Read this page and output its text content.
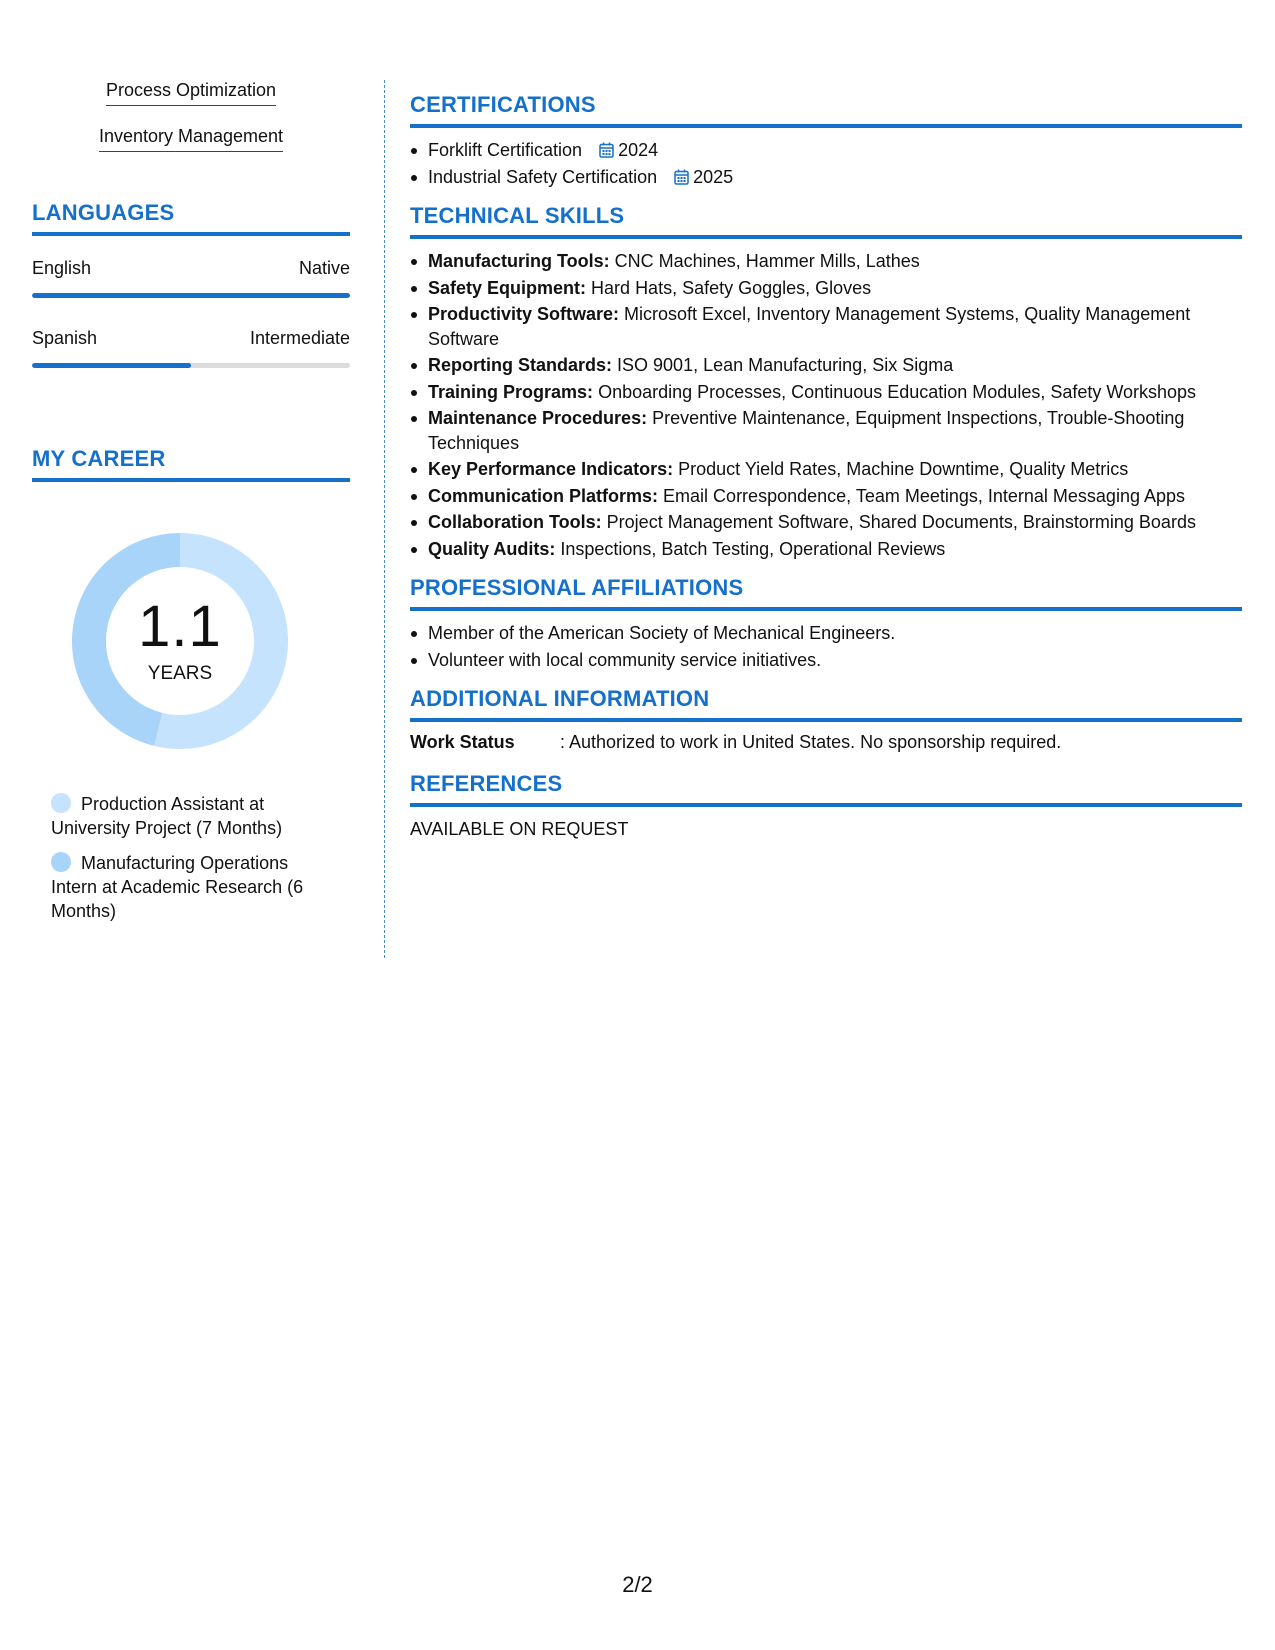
Process Optimization
Inventory Management
LANGUAGES
English	Native
Spanish	Intermediate
MY CAREER
1.1
YEARS
Production Assistant at University Project (7 Months)
Manufacturing Operations Intern at Academic Research (6 Months)
CERTIFICATIONS
Forklift Certification 2024
Industrial Safety Certification 2025
TECHNICAL SKILLS
Manufacturing Tools: CNC Machines, Hammer Mills, Lathes
Safety Equipment: Hard Hats, Safety Goggles, Gloves
Productivity Software: Microsoft Excel, Inventory Management Systems, Quality Management Software
Reporting Standards: ISO 9001, Lean Manufacturing, Six Sigma
Training Programs: Onboarding Processes, Continuous Education Modules, Safety Workshops
Maintenance Procedures: Preventive Maintenance, Equipment Inspections, Trouble-Shooting Techniques
Key Performance Indicators: Product Yield Rates, Machine Downtime, Quality Metrics
Communication Platforms: Email Correspondence, Team Meetings, Internal Messaging Apps
Collaboration Tools: Project Management Software, Shared Documents, Brainstorming Boards
Quality Audits: Inspections, Batch Testing, Operational Reviews
PROFESSIONAL AFFILIATIONS
Member of the American Society of Mechanical Engineers.
Volunteer with local community service initiatives.
ADDITIONAL INFORMATION
Work Status	: Authorized to work in United States. No sponsorship required.
REFERENCES
AVAILABLE ON REQUEST
2/2
